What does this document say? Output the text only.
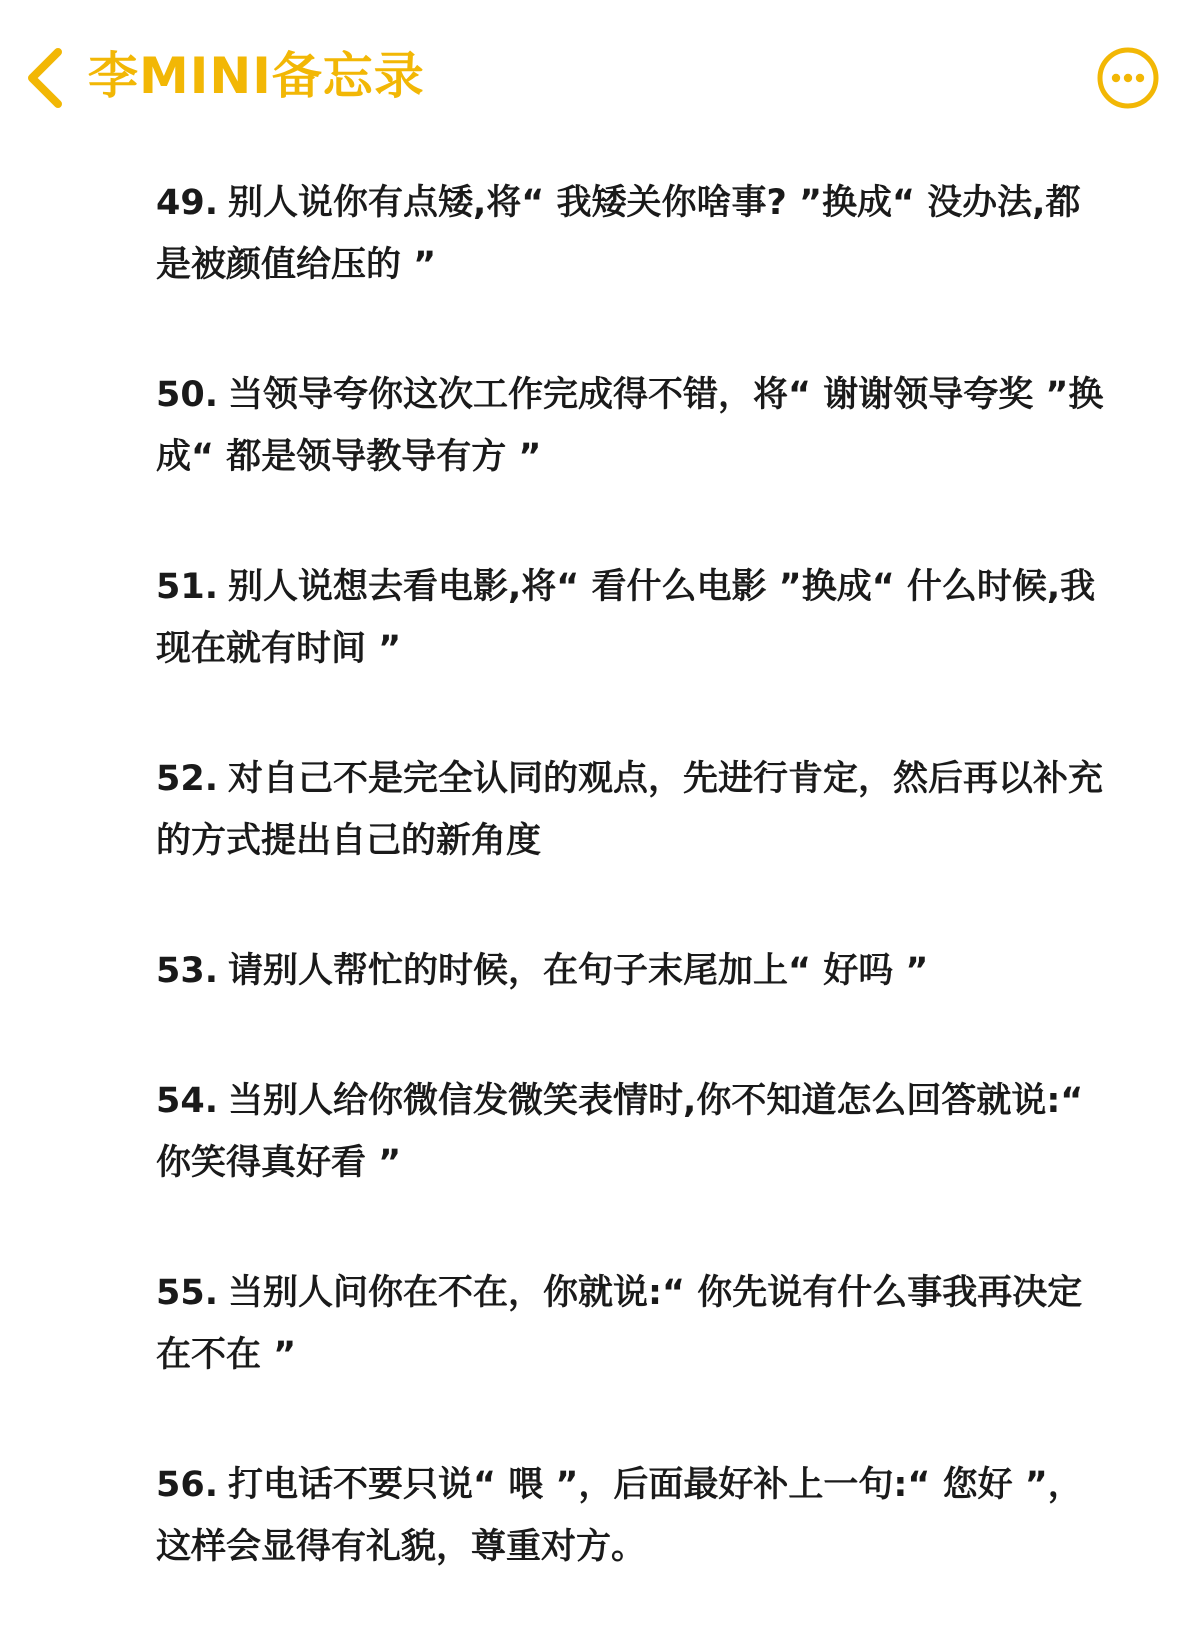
李MINI备忘录

49. 别人说你有点矮,将“ 我矮关你啥事? ”换成“ 没办法,都是被颜值给压的 ”

50. 当领导夸你这次工作完成得不错，将“ 谢谢领导夸奖 ”换成“ 都是领导教导有方 ”

51. 别人说想去看电影,将“ 看什么电影 ”换成“ 什么时候,我现在就有时间 ”

52. 对自己不是完全认同的观点，先进行肯定，然后再以补充的方式提出自己的新角度

53. 请别人帮忙的时候，在句子末尾加上“ 好吗 ”

54. 当别人给你微信发微笑表情时,你不知道怎么回答就说:“ 你笑得真好看 ”

55. 当别人问你在不在，你就说:“ 你先说有什么事我再决定在不在 ”

56. 打电话不要只说“ 喂 ”，后面最好补上一句:“ 您好 ”，这样会显得有礼貌，尊重对方。
